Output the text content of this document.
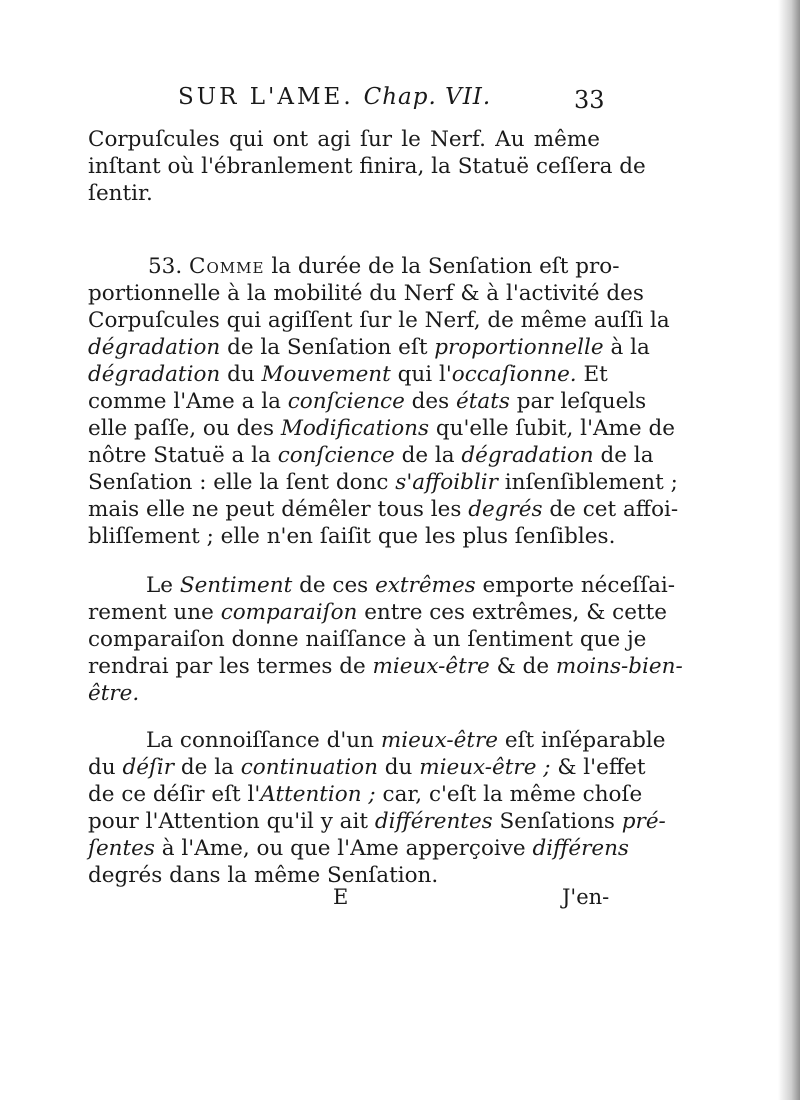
SUR L'AME. Chap. VII.	33
Corpuſcules qui ont agi ſur le Nerf. Au même
inſtant où l'ébranlement finira, la Statuë ceſſera de
ſentir.
53. Comme la durée de la Senſation eſt pro-
portionnelle à la mobilité du Nerf & à l'activité des
Corpuſcules qui agiſſent ſur le Nerf, de même auſſi la
dégradation de la Senſation eſt proportionnelle à la
dégradation du Mouvement qui l'occaſionne. Et
comme l'Ame a la conſcience des états par leſquels
elle paſſe, ou des Modifications qu'elle ſubit, l'Ame de
nôtre Statuë a la conſcience de la dégradation de la
Senſation : elle la ſent donc s'affoiblir inſenſiblement ;
mais elle ne peut démêler tous les degrés de cet affoi-
bliſſement ; elle n'en ſaiſit que les plus ſenſibles.
Le Sentiment de ces extrêmes emporte néceſſai-
rement une comparaiſon entre ces extrêmes, & cette
comparaiſon donne naiſſance à un ſentiment que je
rendrai par les termes de mieux-être & de moins-bien-
être.
La connoiſſance d'un mieux-être eſt inſéparable
du déſir de la continuation du mieux-être ; & l'effet
de ce déſir eſt l'Attention ; car, c'eſt la même choſe
pour l'Attention qu'il y ait différentes Senſations pré-
ſentes à l'Ame, ou que l'Ame apperçoive différens
degrés dans la même Senſation.
E	J'en-
